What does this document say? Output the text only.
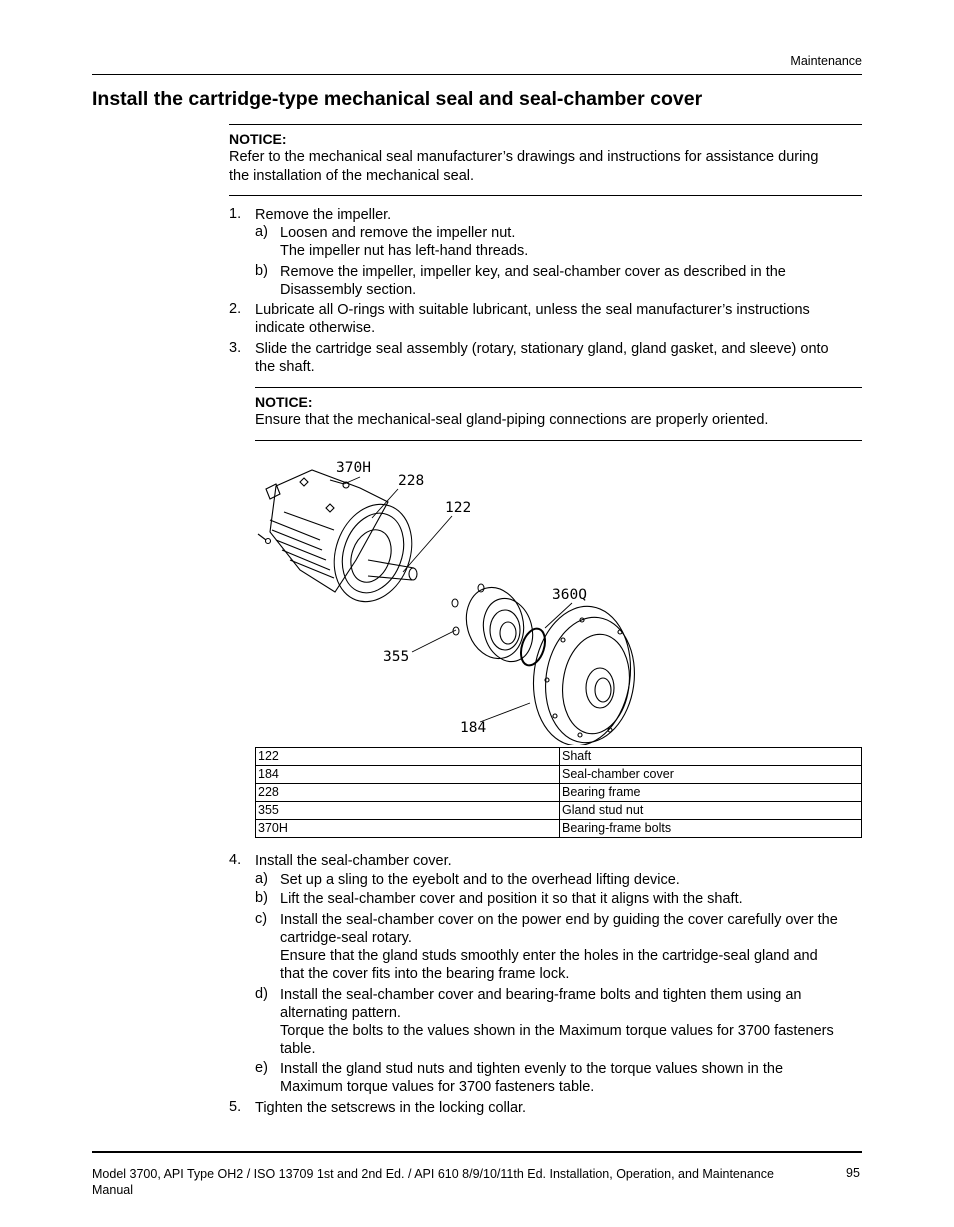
Maintenance
Install the cartridge-type mechanical seal and seal-chamber cover
NOTICE:
Refer to the mechanical seal manufacturer’s drawings and instructions for assistance during
the installation of the mechanical seal.
1. Remove the impeller.
a) Loosen and remove the impeller nut.
The impeller nut has left-hand threads.
b) Remove the impeller, impeller key, and seal-chamber cover as described in the
Disassembly section.
2. Lubricate all O-rings with suitable lubricant, unless the seal manufacturer’s instructions
indicate otherwise.
3. Slide the cartridge seal assembly (rotary, stationary gland, gland gasket, and sleeve) onto
the shaft.
NOTICE:
Ensure that the mechanical-seal gland-piping connections are properly oriented.
370H
228
122
360Q
355
184
122	Shaft
184	Seal-chamber cover
228	Bearing frame
355	Gland stud nut
370H	Bearing-frame bolts
4. Install the seal-chamber cover.
a) Set up a sling to the eyebolt and to the overhead lifting device.
b) Lift the seal-chamber cover and position it so that it aligns with the shaft.
c) Install the seal-chamber cover on the power end by guiding the cover carefully over the
cartridge-seal rotary.
Ensure that the gland studs smoothly enter the holes in the cartridge-seal gland and
that the cover fits into the bearing frame lock.
d) Install the seal-chamber cover and bearing-frame bolts and tighten them using an
alternating pattern.
Torque the bolts to the values shown in the Maximum torque values for 3700 fasteners
table.
e) Install the gland stud nuts and tighten evenly to the torque values shown in the
Maximum torque values for 3700 fasteners table.
5. Tighten the setscrews in the locking collar.
Model 3700, API Type OH2 / ISO 13709 1st and 2nd Ed. / API 610 8/9/10/11th Ed. Installation, Operation, and Maintenance
Manual
95
